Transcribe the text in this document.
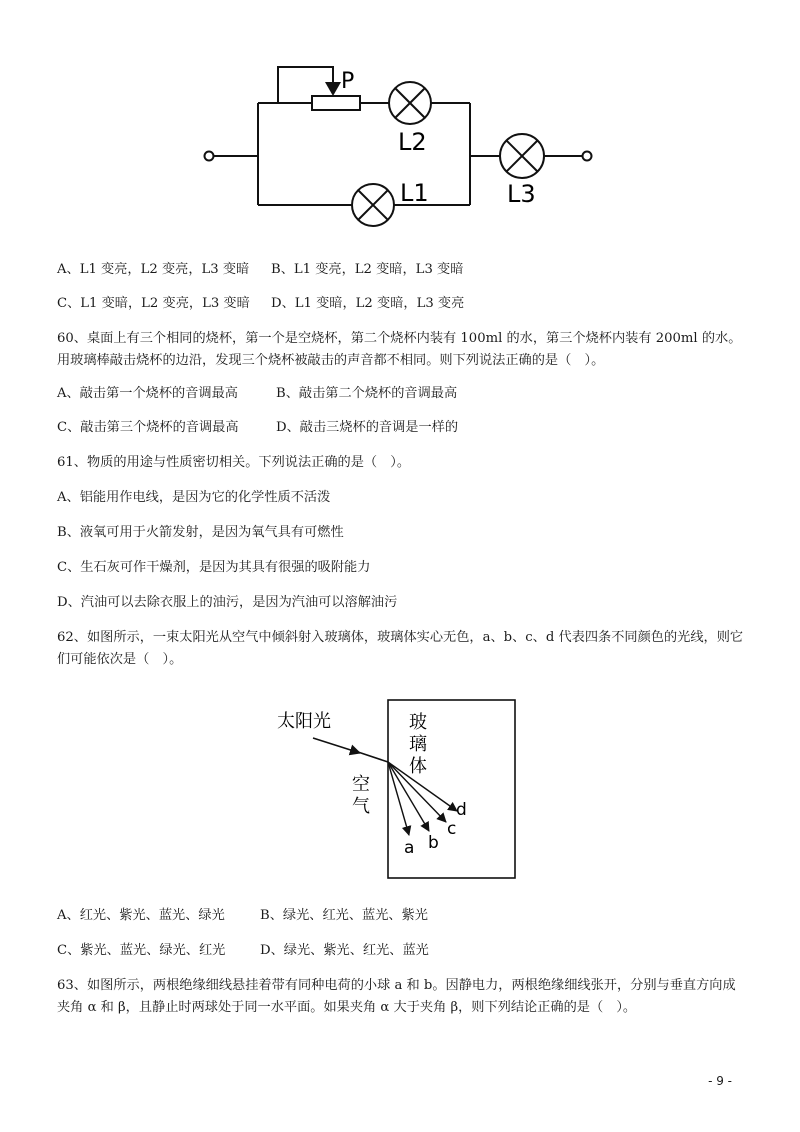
P
L2
L1	L3
A、L1 变亮，L2 变亮，L3 变暗 B、L1 变亮，L2 变暗，L3 变暗
C、L1 变暗，L2 变亮，L3 变暗 D、L1 变暗，L2 变暗，L3 变亮
60、桌面上有三个相同的烧杯，第一个是空烧杯，第二个烧杯内装有 100ml 的水，第三个烧杯内装有 200ml 的水。用玻璃棒敲击烧杯的边沿，发现三个烧杯被敲击的声音都不相同。则下列说法正确的是（　）。
A、敲击第一个烧杯的音调最高	B、敲击第二个烧杯的音调最高
C、敲击第三个烧杯的音调最高	D、敲击三烧杯的音调是一样的
61、物质的用途与性质密切相关。下列说法正确的是（　）。
A、铝能用作电线，是因为它的化学性质不活泼
B、液氧可用于火箭发射，是因为氧气具有可燃性
C、生石灰可作干燥剂，是因为其具有很强的吸附能力
D、汽油可以去除衣服上的油污，是因为汽油可以溶解油污
62、如图所示，一束太阳光从空气中倾斜射入玻璃体，玻璃体实心无色，a、b、c、d 代表四条不同颜色的光线，则它们可能依次是（　）。
太阳光
空
气
玻
璃
体
a b
c
d
A、红光、紫光、蓝光、绿光	B、绿光、红光、蓝光、紫光
C、紫光、蓝光、绿光、红光	D、绿光、紫光、红光、蓝光
63、如图所示，两根绝缘细线悬挂着带有同种电荷的小球 a 和 b。因静电力，两根绝缘细线张开，分别与垂直方向成夹角 α 和 β，且静止时两球处于同一水平面。如果夹角 α 大于夹角 β，则下列结论正确的是（　）。
- 9 -
